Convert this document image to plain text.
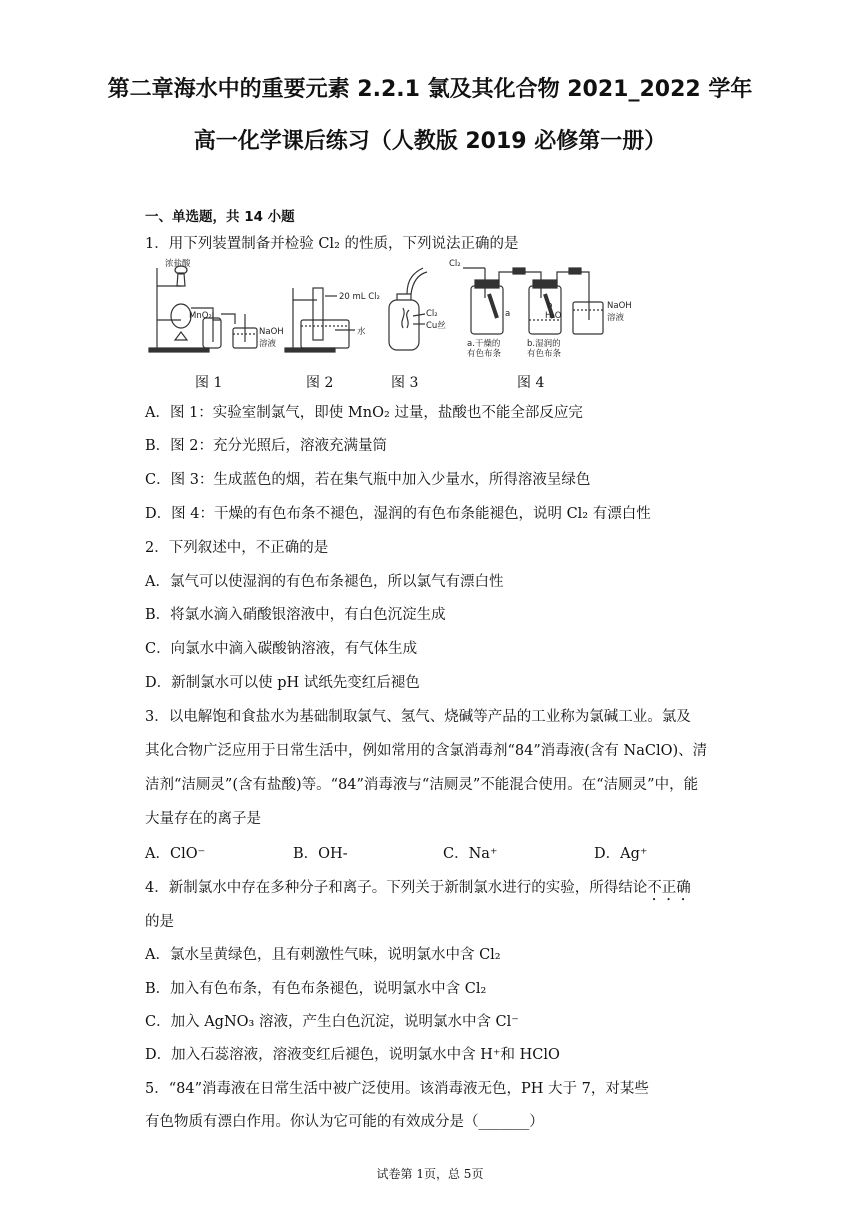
第二章海水中的重要元素 2.2.1 氯及其化合物 2021_2022 学年
高一化学课后练习（人教版 2019 必修第一册）
一、单选题，共 14 小题
1．用下列装置制备并检验 Cl₂ 的性质，下列说法正确的是
浓盐酸
MnO₂
NaOH
溶液
20 mL Cl₂
水
Cl₂
Cu丝
Cl₂
a
b
H₂O
NaOH
溶液
a.干燥的
有色布条
b.湿润的
有色布条
图 1	图 2	图 3	图 4
A．图 1：实验室制氯气，即使 MnO₂ 过量，盐酸也不能全部反应完
B．图 2：充分光照后，溶液充满量筒
C．图 3：生成蓝色的烟，若在集气瓶中加入少量水，所得溶液呈绿色
D．图 4：干燥的有色布条不褪色，湿润的有色布条能褪色，说明 Cl₂ 有漂白性
2．下列叙述中，不正确的是
A．氯气可以使湿润的有色布条褪色，所以氯气有漂白性
B．将氯水滴入硝酸银溶液中，有白色沉淀生成
C．向氯水中滴入碳酸钠溶液，有气体生成
D．新制氯水可以使 pH 试纸先变红后褪色
3．以电解饱和食盐水为基础制取氯气、氢气、烧碱等产品的工业称为氯碱工业。氯及
其化合物广泛应用于日常生活中，例如常用的含氯消毒剂“84”消毒液(含有 NaClO)、清
洁剂“洁厕灵”(含有盐酸)等。“84”消毒液与“洁厕灵”不能混合使用。在“洁厕灵”中，能
大量存在的离子是
A．ClO⁻	B．OH-	C．Na⁺	D．Ag⁺
4．新制氯水中存在多种分子和离子。下列关于新制氯水进行的实验，所得结论不正确
的是
A．氯水呈黄绿色，且有刺激性气味，说明氯水中含 Cl₂
B．加入有色布条，有色布条褪色，说明氯水中含 Cl₂
C．加入 AgNO₃ 溶液，产生白色沉淀，说明氯水中含 Cl⁻
D．加入石蕊溶液，溶液变红后褪色，说明氯水中含 H⁺和 HClO
5．“84”消毒液在日常生活中被广泛使用。该消毒液无色，PH 大于 7，对某些
有色物质有漂白作用。你认为它可能的有效成分是（_______）
试卷第 1页，总 5页
